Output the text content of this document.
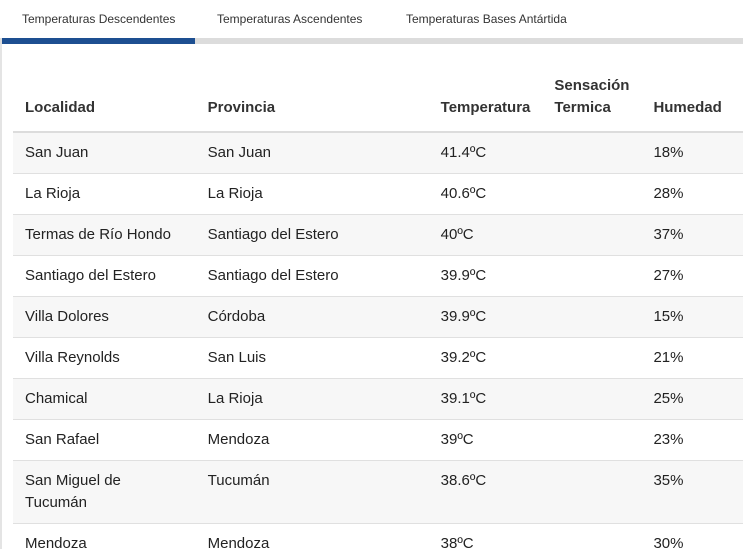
Temperaturas Descendentes	Temperaturas Ascendentes	Temperaturas Bases Antártida
Localidad	Provincia	Temperatura	Sensación Termica	Humedad
San Juan	San Juan	41.4ºC		18%
La Rioja	La Rioja	40.6ºC		28%
Termas de Río Hondo	Santiago del Estero	40ºC		37%
Santiago del Estero	Santiago del Estero	39.9ºC		27%
Villa Dolores	Córdoba	39.9ºC		15%
Villa Reynolds	San Luis	39.2ºC		21%
Chamical	La Rioja	39.1ºC		25%
San Rafael	Mendoza	39ºC		23%
San Miguel de Tucumán	Tucumán	38.6ºC		35%
Mendoza	Mendoza	38ºC		30%
